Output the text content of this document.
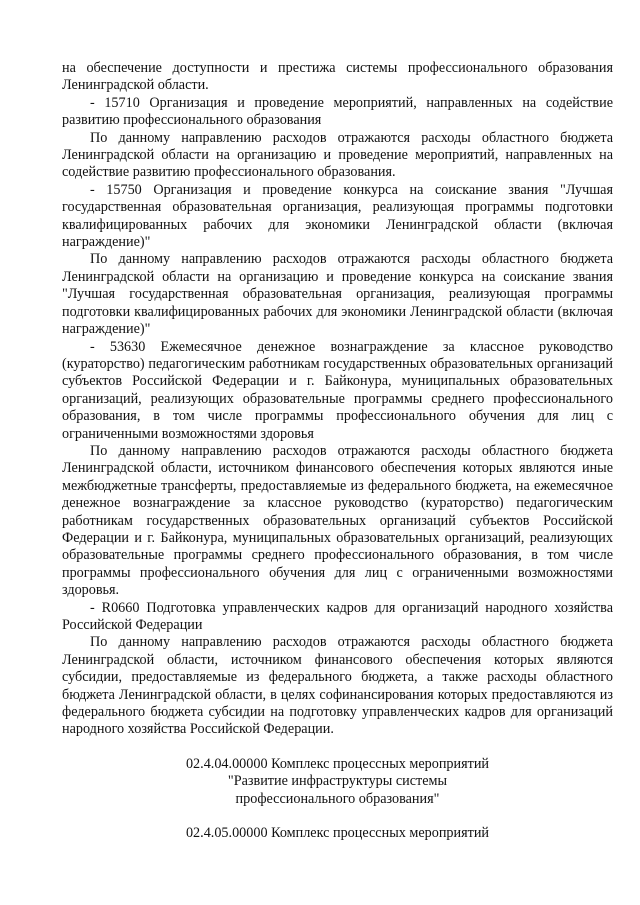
на обеспечение доступности и престижа системы профессионального образования Ленинградской области.

- 15710 Организация и проведение мероприятий, направленных на содействие развитию профессионального образования

По данному направлению расходов отражаются расходы областного бюджета Ленинградской области на организацию и проведение мероприятий, направленных на содействие развитию профессионального образования.

- 15750 Организация и проведение конкурса на соискание звания "Лучшая государственная образовательная организация, реализующая программы подготовки квалифицированных рабочих для экономики Ленинградской области (включая награждение)"

По данному направлению расходов отражаются расходы областного бюджета Ленинградской области на организацию и проведение конкурса на соискание звания "Лучшая государственная образовательная организация, реализующая программы подготовки квалифицированных рабочих для экономики Ленинградской области (включая награждение)"

- 53630 Ежемесячное денежное вознаграждение за классное руководство (кураторство) педагогическим работникам государственных образовательных организаций субъектов Российской Федерации и г. Байконура, муниципальных образовательных организаций, реализующих образовательные программы среднего профессионального образования, в том числе программы профессионального обучения для лиц с ограниченными возможностями здоровья

По данному направлению расходов отражаются расходы областного бюджета Ленинградской области, источником финансового обеспечения которых являются иные межбюджетные трансферты, предоставляемые из федерального бюджета, на ежемесячное денежное вознаграждение за классное руководство (кураторство) педагогическим работникам государственных образовательных организаций субъектов Российской Федерации и г. Байконура, муниципальных образовательных организаций, реализующих образовательные программы среднего профессионального образования, в том числе программы профессионального обучения для лиц с ограниченными возможностями здоровья.

- R0660 Подготовка управленческих кадров для организаций народного хозяйства Российской Федерации

По данному направлению расходов отражаются расходы областного бюджета Ленинградской области, источником финансового обеспечения которых являются субсидии, предоставляемые из федерального бюджета, а также расходы областного бюджета Ленинградской области, в целях софинансирования которых предоставляются из федерального бюджета субсидии на подготовку управленческих кадров для организаций народного хозяйства Российской Федерации.

02.4.04.00000 Комплекс процессных мероприятий

"Развитие инфраструктуры системы

профессионального образования"

02.4.05.00000 Комплекс процессных мероприятий
